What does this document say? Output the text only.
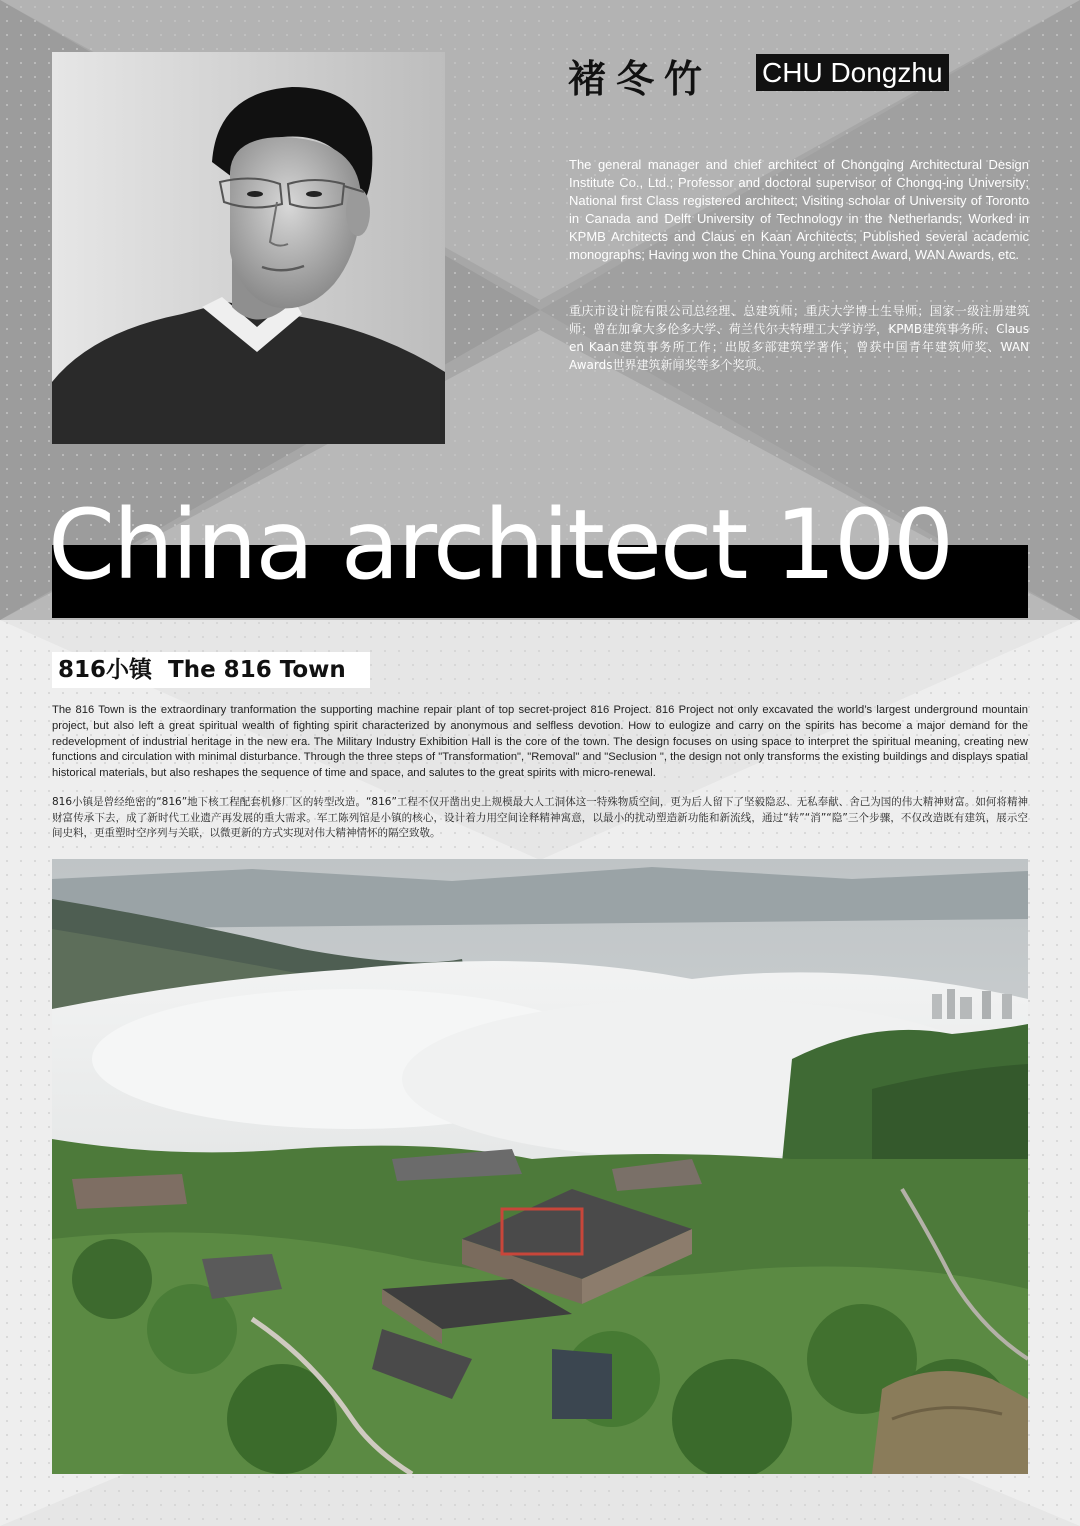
褚冬竹 CHU Dongzhu

The general manager and chief architect of Chongqing Architectural Design Institute Co., Ltd.; Professor and doctoral supervisor of Chongq-ing University; National first Class registered architect; Visiting scholar of University of Toronto in Canada and Delft University of Technology in the Netherlands; Worked in KPMB Architects and Claus en Kaan Architects; Published several academic monographs; Having won the China Young architect Award, WAN Awards, etc.

重庆市设计院有限公司总经理、总建筑师；重庆大学博士生导师；国家一级注册建筑师；曾在加拿大多伦多大学、荷兰代尔夫特理工大学访学，KPMB建筑事务所、Claus en Kaan建筑事务所工作；出版多部建筑学著作，曾获中国青年建筑师奖、WAN Awards世界建筑新闻奖等多个奖项。

China architect 100
816小镇 The 816 Town

The 816 Town is the extraordinary tranformation the supporting machine repair plant of top secret-project 816 Project. 816 Project not only excavated the world’s largest underground mountain project, but also left a great spiritual wealth of fighting spirit characterized by anonymous and selfless devotion. How to eulogize and carry on the spirits has become a major demand for the redevelopment of industrial heritage in the new era. The Military Industry Exhibition Hall is the core of the town. The design focuses on using space to interpret the spiritual meaning, creating new functions and circulation with minimal disturbance. Through the three steps of "Transformation", "Removal" and "Seclusion ", the design not only transforms the existing buildings and displays spatial historical materials, but also reshapes the sequence of time and space, and salutes to the great spirits with micro-renewal.

816小镇是曾经绝密的“816”地下核工程配套机修厂区的转型改造。“816”工程不仅开凿出史上规模最大人工洞体这一特殊物质空间，更为后人留下了坚毅隐忍、无私奉献、舍己为国的伟大精神财富。如何将精神财富传承下去，成了新时代工业遗产再发展的重大需求。军工陈列馆是小镇的核心，设计着力用空间诠释精神寓意，以最小的扰动塑造新功能和新流线，通过“转”“消”“隐”三个步骤，不仅改造既有建筑，展示空间史料，更重塑时空序列与关联，以微更新的方式实现对伟大精神情怀的隔空致敬。
